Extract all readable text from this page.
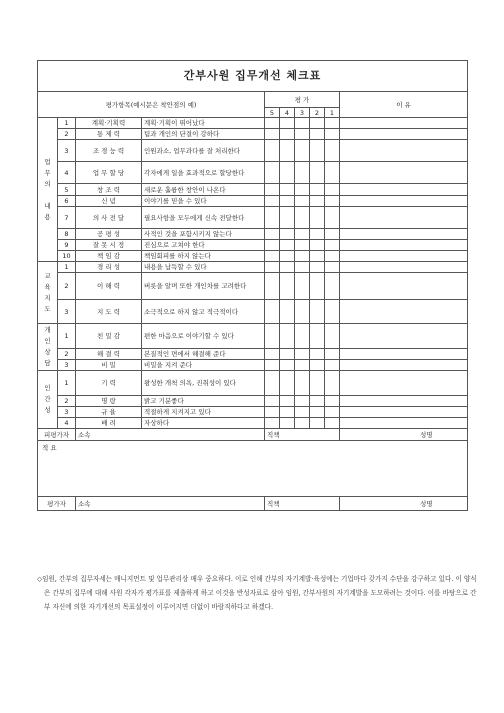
간부사원 집무개선 체크표									
평가항목(예시문은 착안점의 예)				평 가					이 유
				5	4	3	2	1	
업
무
의

내
용	1	계획·기획력	계획·기획이 뛰어났다						
	2	통 제 력	팀과 개인의 단결이 강하다						
	3	조 경 능 력	인원과소, 업무과다를 잘 처리한다						
	4	업 무 할 당	각자에게 일을 효과적으로 할당한다						
	5	창 조 력	새로운 훌륭한 창안이 나온다						
	6	신 념	이야기를 믿을 수 있다						
	7	의 사 전 달	필요사항을 모두에게 신속 전달한다						
	8	공 평 성	사적인 것을 포함시키지 않는다						
	9	잘 못 시 정	진심으로 고쳐야 한다						
	10	책 임 감	책임회피를 하지 않는다						
교
육
지
도	1	경 리 성	내용을 납득할 수 있다						
	2	이 해 력	버릇을 알며 또한 개인차를 고려한다						
	3	지 도 력	소극적으로 하지 않고 적극적이다						
개
인
상
담	1	친 밀 감	편한 마음으로 이야기할 수 있다						
	2	해 결 력	본질적인 면에서 해결해 준다						
	3	비 밀	비밀을 지켜 준다						
인
간
성	1	기 력	왕성한 개척 의욕, 진취성이 있다						
	2	명 랑	밝고 기분좋다						
	3	규 율	적절하게 지켜지고 있다						
	4	배 려	자상하다						
피평가자		소속		직책					성명
적 요									
평가자		소속		직책					성명
◇임원, 간부의 집무자세는 매니지먼트 및 업무관리상 매우 중요하다. 이로 인해 간부의 자기계발·육성에는 기업마다 갖가지 수단을 강구하고 있다. 이 양식은 간부의 집무에 대해 사원 각자가 평가표를 제출하게 하고 이것을 반성자료로 삼아 임원, 간부사원의 자기계발을 도모하려는 것이다. 이를 바탕으로 간부 자신에 의한 자기개선의 목표설정이 이루어지면 더없이 바람직하다고 하겠다.
